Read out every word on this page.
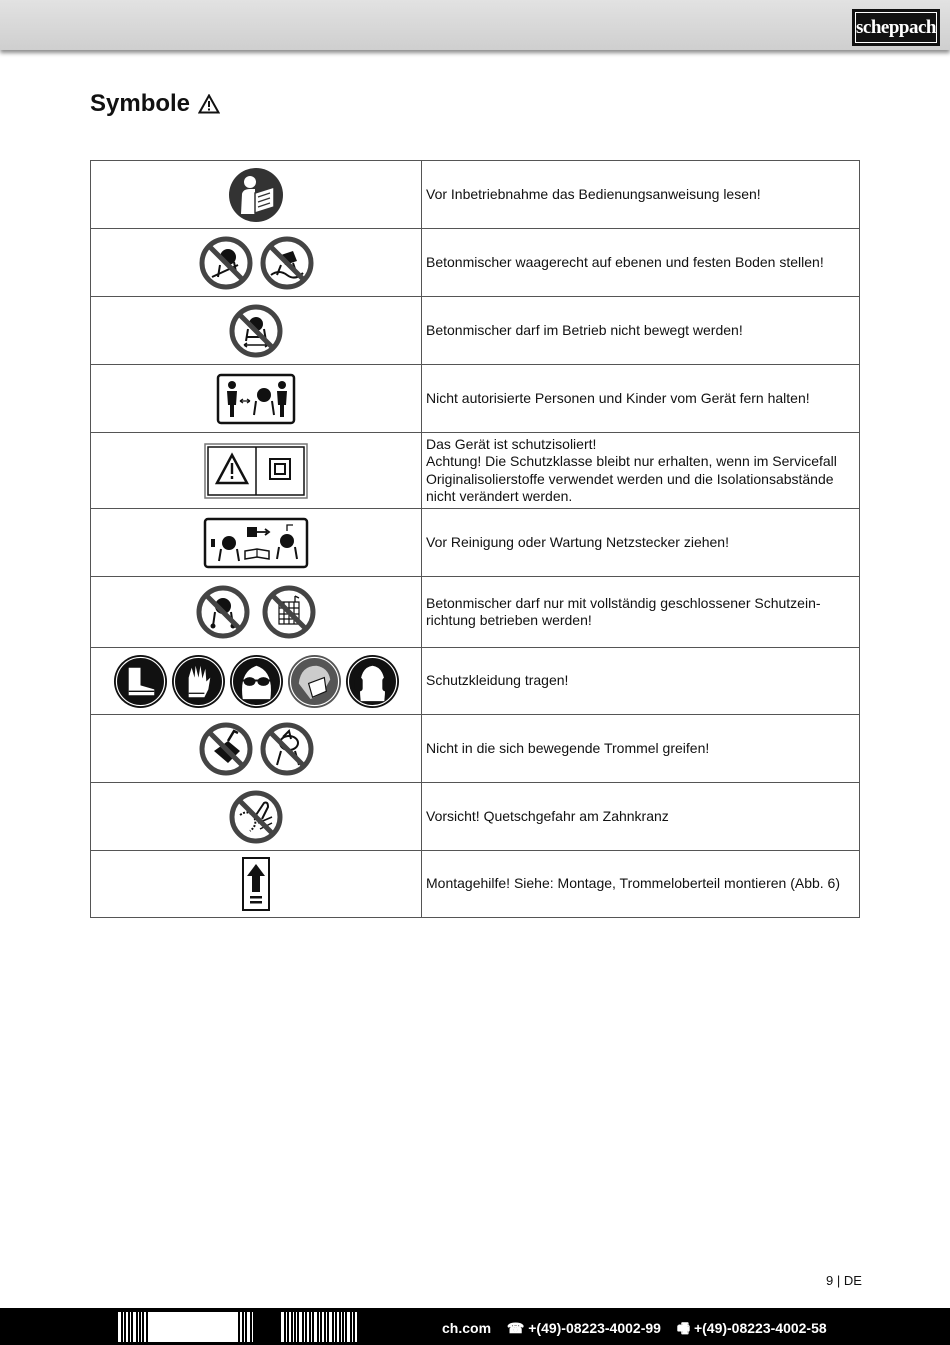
scheppach
Symbole
	Vor Inbetriebnahme das Bedienungsanweisung lesen!

	Betonmischer waagerecht auf ebenen und festen Boden stellen!

	Betonmischer darf im Betrieb nicht bewegt werden!

	Nicht autorisierte Personen und Kinder vom Gerät fern halten!

Das Gerät ist schutzisoliert!
Achtung! Die Schutzklasse bleibt nur erhalten, wenn im Servicefall Originalisolierstoffe verwendet werden und die Isolationsabstände nicht verändert werden.

	Vor Reinigung oder Wartung Netzstecker ziehen!

Betonmischer darf nur mit vollständig geschlossener Schutzein-
richtung betrieben werden!

	Schutzkleidung tragen!

	Nicht in die sich bewegende Trommel greifen!

	Vorsicht! Quetschgefahr am Zahnkranz

	Montagehilfe! Siehe: Montage, Trommeloberteil montieren (Abb. 6)
9 | DE
ch.com ☎ +(49)-08223-4002-99 🖷 +(49)-08223-4002-58
